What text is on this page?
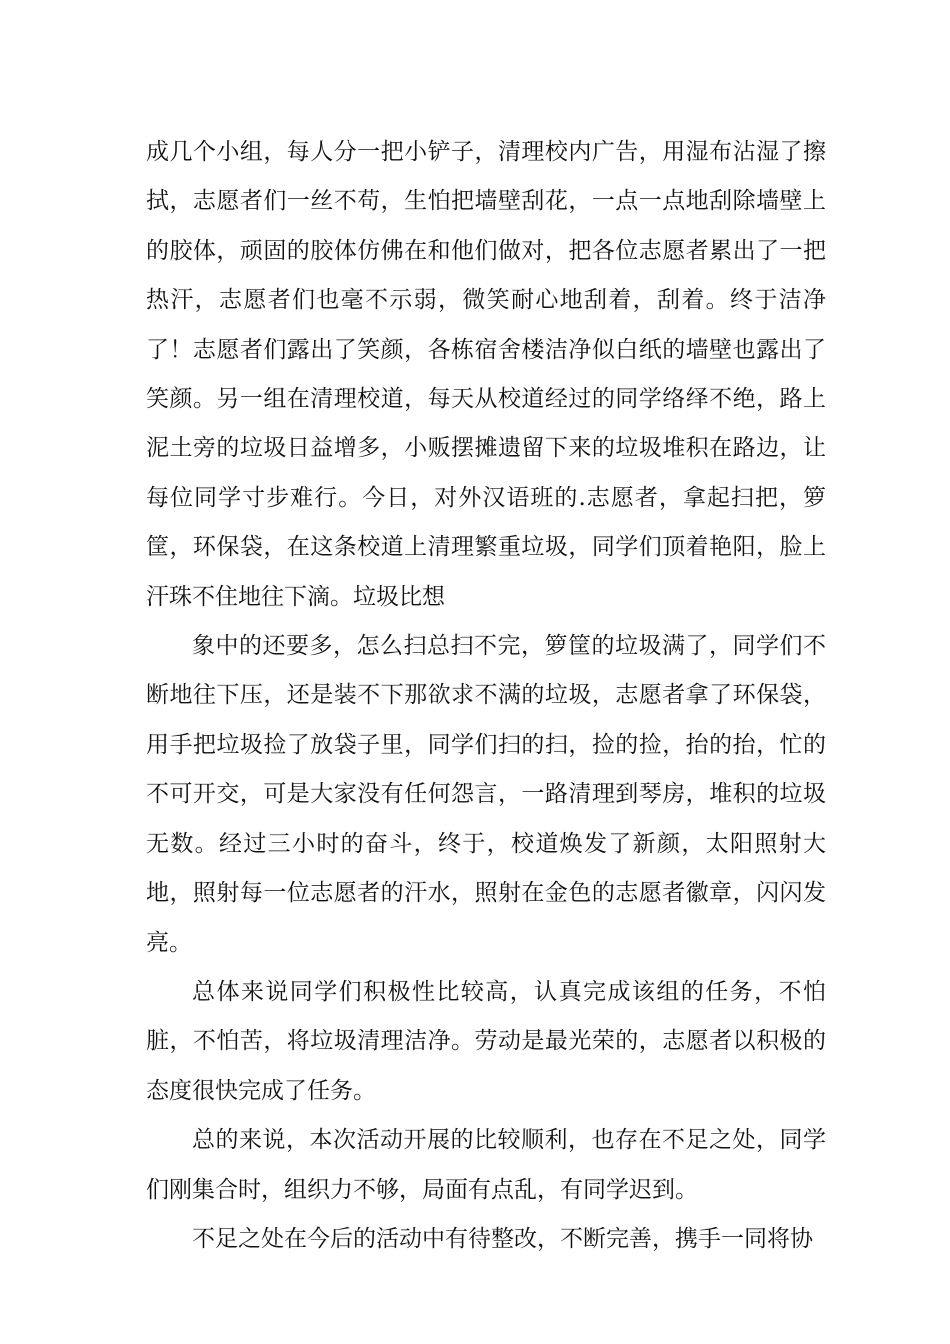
成几个小组，每人分一把小铲子，清理校内广告，用湿布沾湿了擦拭，志愿者们一丝不苟，生怕把墙壁刮花，一点一点地刮除墙壁上的胶体，顽固的胶体仿佛在和他们做对，把各位志愿者累出了一把热汗，志愿者们也毫不示弱，微笑耐心地刮着，刮着。终于洁净了！志愿者们露出了笑颜，各栋宿舍楼洁净似白纸的墙壁也露出了笑颜。另一组在清理校道，每天从校道经过的同学络绎不绝，路上泥土旁的垃圾日益增多，小贩摆摊遗留下来的垃圾堆积在路边，让每位同学寸步难行。今日，对外汉语班的.志愿者，拿起扫把，箩筐，环保袋，在这条校道上清理繁重垃圾，同学们顶着艳阳，脸上汗珠不住地往下滴。垃圾比想

象中的还要多，怎么扫总扫不完，箩筐的垃圾满了，同学们不断地往下压，还是装不下那欲求不满的垃圾，志愿者拿了环保袋，用手把垃圾捡了放袋子里，同学们扫的扫，捡的捡，抬的抬，忙的不可开交，可是大家没有任何怨言，一路清理到琴房，堆积的垃圾无数。经过三小时的奋斗，终于，校道焕发了新颜，太阳照射大地，照射每一位志愿者的汗水，照射在金色的志愿者徽章，闪闪发亮。

总体来说同学们积极性比较高，认真完成该组的任务，不怕脏，不怕苦，将垃圾清理洁净。劳动是最光荣的，志愿者以积极的态度很快完成了任务。

总的来说，本次活动开展的比较顺利，也存在不足之处，同学们刚集合时，组织力不够，局面有点乱，有同学迟到。

不足之处在今后的活动中有待整改，不断完善，携手一同将协
